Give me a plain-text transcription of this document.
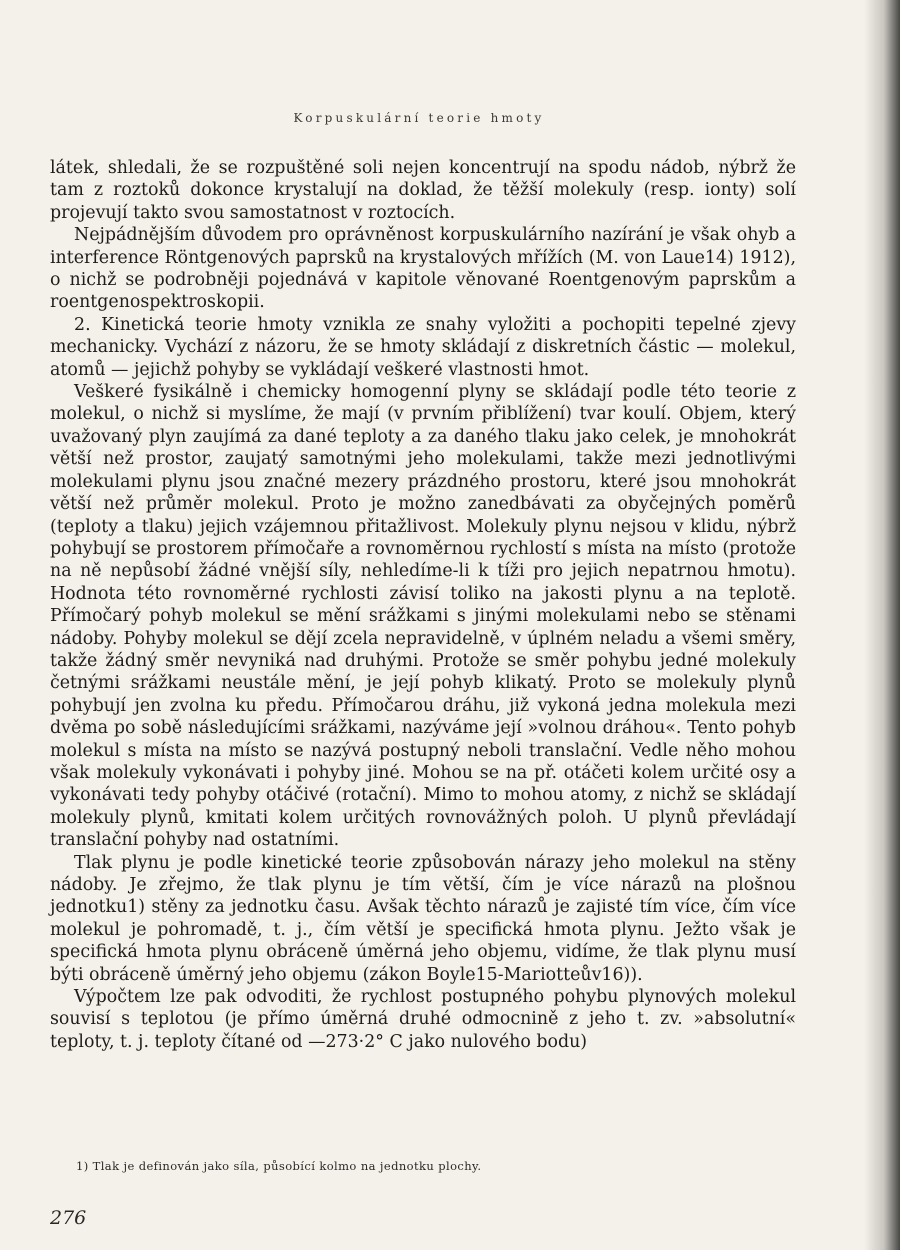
Korpuskulární teorie hmoty

látek, shledali, že se rozpuštěné soli nejen koncentrují na spodu nádob, nýbrž že tam z roztoků dokonce krystalují na doklad, že těžší molekuly (resp. ionty) solí projevují takto svou samostatnost v roztocích.

Nejpádnějším důvodem pro oprávněnost korpuskulárního nazírání je však ohyb a interference Röntgenových paprsků na krystalových mřížích (M. von Laue14) 1912), o nichž se podrobněji pojednává v kapitole věnované Roentgenovým paprskům a roentgenospektroskopii.

2. Kinetická teorie hmoty vznikla ze snahy vyložiti a pochopiti tepelné zjevy mechanicky. Vychází z názoru, že se hmoty skládají z diskretních částic — molekul, atomů — jejichž pohyby se vykládají veškeré vlastnosti hmot.

Veškeré fysikálně i chemicky homogenní plyny se skládají podle této teorie z molekul, o nichž si myslíme, že mají (v prvním přiblížení) tvar koulí. Objem, který uvažovaný plyn zaujímá za dané teploty a za daného tlaku jako celek, je mnohokrát větší než prostor, zaujatý samotnými jeho molekulami, takže mezi jednotlivými molekulami plynu jsou značné mezery prázdného prostoru, které jsou mnohokrát větší než průměr molekul. Proto je možno zanedbávati za obyčejných poměrů (teploty a tlaku) jejich vzájemnou přitažlivost. Molekuly plynu nejsou v klidu, nýbrž pohybují se prostorem přímočaře a rovnoměrnou rychlostí s místa na místo (protože na ně nepůsobí žádné vnější síly, nehledíme-li k tíži pro jejich nepatrnou hmotu). Hodnota této rovnoměrné rychlosti závisí toliko na jakosti plynu a na teplotě. Přímočarý pohyb molekul se mění srážkami s jinými molekulami nebo se stěnami nádoby. Pohyby molekul se dějí zcela nepravidelně, v úplném neladu a všemi směry, takže žádný směr nevyniká nad druhými. Protože se směr pohybu jedné molekuly četnými srážkami neustále mění, je její pohyb klikatý. Proto se molekuly plynů pohybují jen zvolna ku předu. Přímočarou dráhu, již vykoná jedna molekula mezi dvěma po sobě následujícími srážkami, nazýváme její »volnou dráhou«. Tento pohyb molekul s místa na místo se nazývá postupný neboli translační. Vedle něho mohou však molekuly vykonávati i pohyby jiné. Mohou se na př. otáčeti kolem určité osy a vykonávati tedy pohyby otáčivé (rotační). Mimo to mohou atomy, z nichž se skládají molekuly plynů, kmitati kolem určitých rovnovážných poloh. U plynů převládají translační pohyby nad ostatními.

Tlak plynu je podle kinetické teorie způsobován nárazy jeho molekul na stěny nádoby. Je zřejmo, že tlak plynu je tím větší, čím je více nárazů na plošnou jednotku1) stěny za jednotku času. Avšak těchto nárazů je zajisté tím více, čím více molekul je pohromadě, t. j., čím větší je specifická hmota plynu. Ježto však je specifická hmota plynu obráceně úměrná jeho objemu, vidíme, že tlak plynu musí býti obráceně úměrný jeho objemu (zákon Boyle15-Mariotteův16)).

Výpočtem lze pak odvoditi, že rychlost postupného pohybu plynových molekul souvisí s teplotou (je přímo úměrná druhé odmocnině z jeho t. zv. »absolutní« teploty, t. j. teploty čítané od —273·2° C jako nulového bodu)

1) Tlak je definován jako síla, působící kolmo na jednotku plochy.
276
